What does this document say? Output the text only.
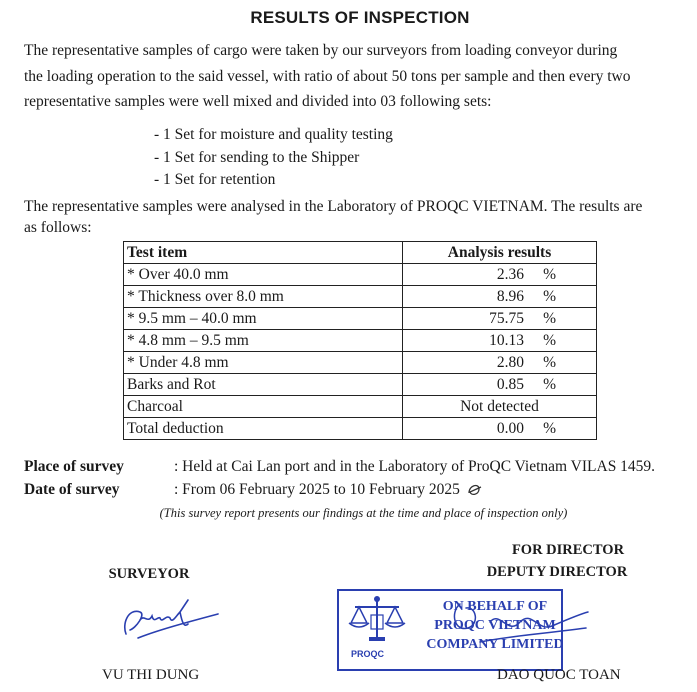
RESULTS OF INSPECTION
The representative samples of cargo were taken by our surveyors from loading conveyor during
the loading operation to the said vessel, with ratio of about 50 tons per sample and then every two
representative samples were well mixed and divided into 03 following sets:
- 1 Set for moisture and quality testing
- 1 Set for sending to the Shipper
- 1 Set for retention
The representative samples were analysed in the Laboratory of PROQC VIETNAM. The results are
as follows:
Test item	Analysis results
* Over 40.0 mm	2.36 %

* Thickness over 8.0 mm	8.96 %

* 9.5 mm – 40.0 mm	75.75 %

* 4.8 mm – 9.5 mm	10.13 %

* Under 4.8 mm	2.80 %

Barks and Rot	0.85 %

Charcoal	Not detected
Total deduction	0.00 %
Place of survey	: Held at Cai Lan port and in the Laboratory of ProQC Vietnam VILAS 1459.
Date of survey	: From 06 February 2025 to 10 February 2025
(This survey report presents our findings at the time and place of inspection only)
FOR DIRECTOR
DEPUTY DIRECTOR
SURVEYOR
PROQC
ON BEHALF OF
PROQC VIETNAM
COMPANY LIMITED
VU THI DUNG	DAO QUOC TOAN
